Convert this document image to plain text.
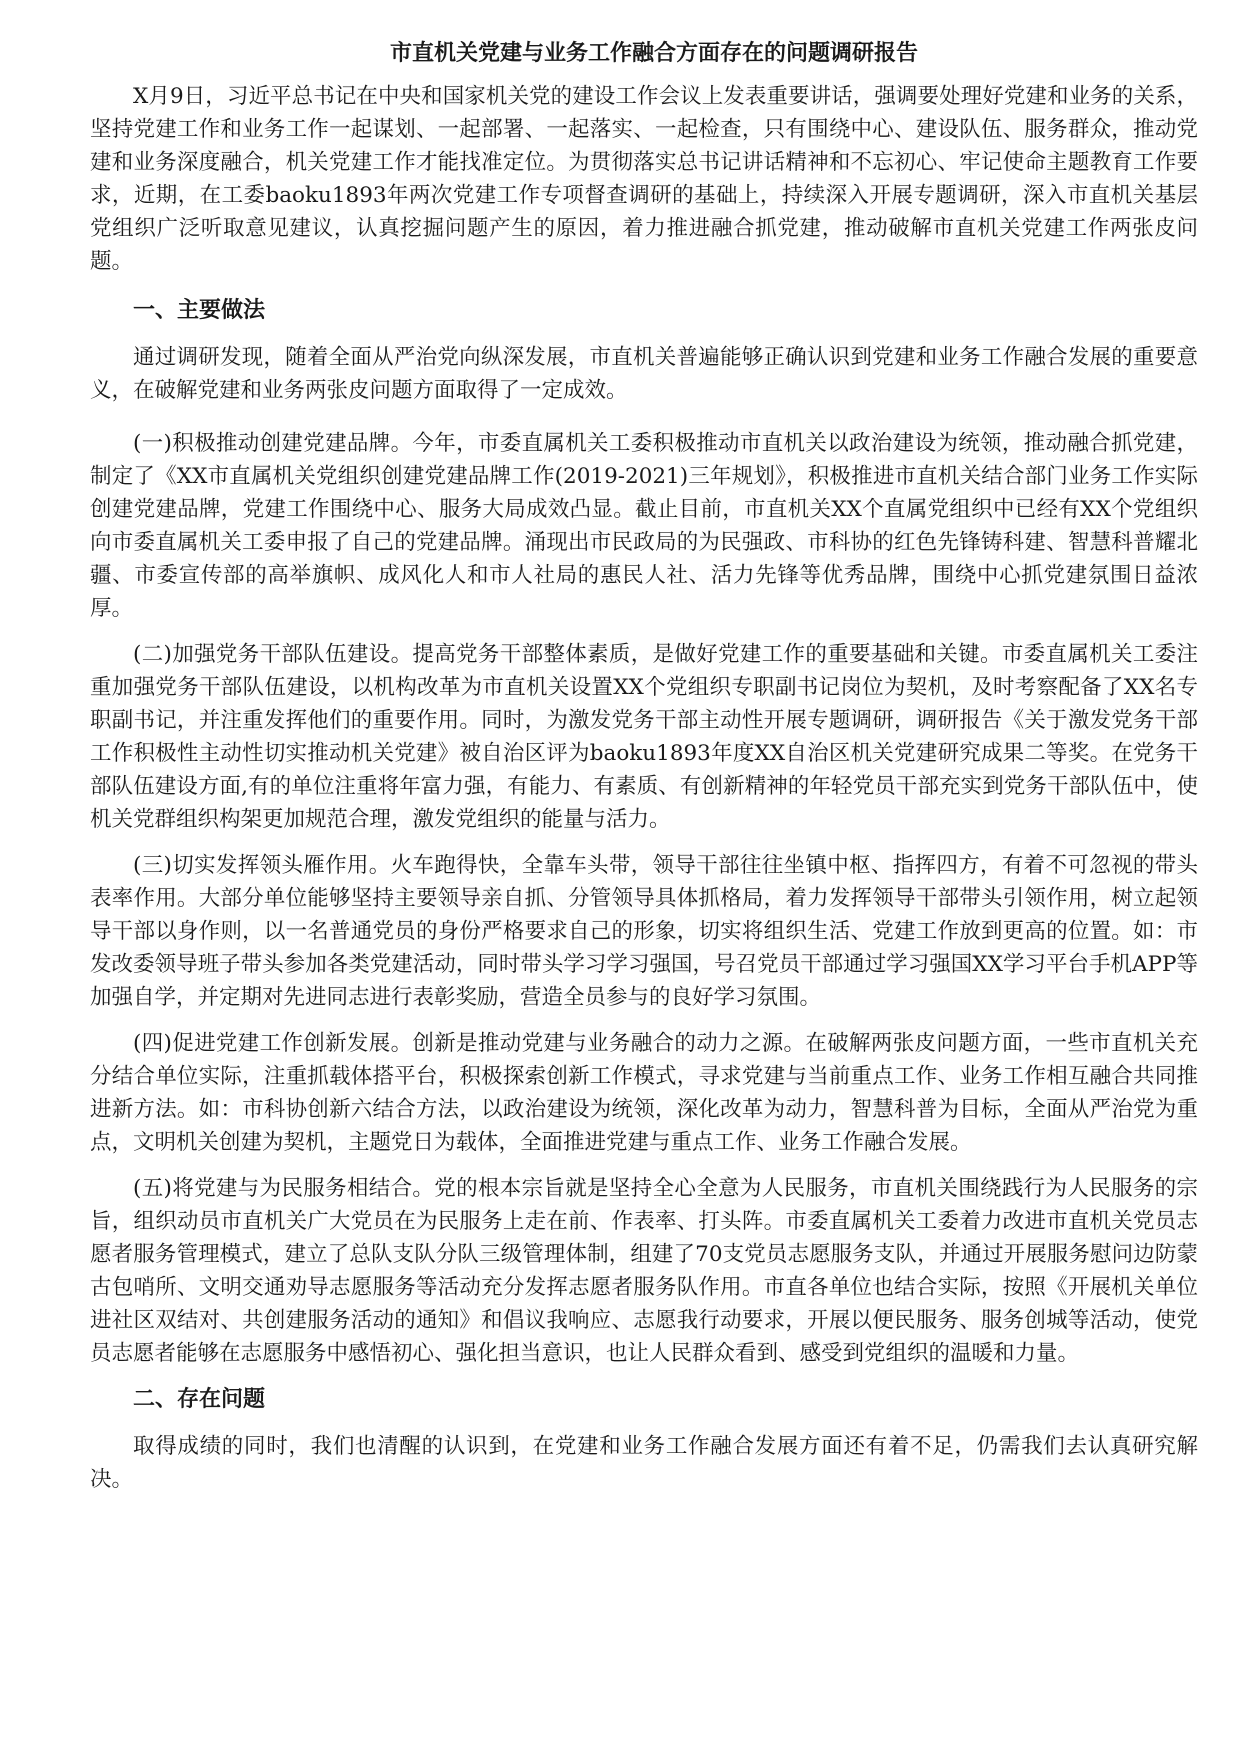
市直机关党建与业务工作融合方面存在的问题调研报告

X月9日，习近平总书记在中央和国家机关党的建设工作会议上发表重要讲话，强调要处理好党建和业务的关系，坚持党建工作和业务工作一起谋划、一起部署、一起落实、一起检查，只有围绕中心、建设队伍、服务群众，推动党建和业务深度融合，机关党建工作才能找准定位。为贯彻落实总书记讲话精神和不忘初心、牢记使命主题教育工作要求，近期，在工委baoku1893年两次党建工作专项督查调研的基础上，持续深入开展专题调研，深入市直机关基层党组织广泛听取意见建议，认真挖掘问题产生的原因，着力推进融合抓党建，推动破解市直机关党建工作两张皮问题。

一、主要做法

通过调研发现，随着全面从严治党向纵深发展，市直机关普遍能够正确认识到党建和业务工作融合发展的重要意义，在破解党建和业务两张皮问题方面取得了一定成效。

(一)积极推动创建党建品牌。今年，市委直属机关工委积极推动市直机关以政治建设为统领，推动融合抓党建，制定了《XX市直属机关党组织创建党建品牌工作(2019-2021)三年规划》，积极推进市直机关结合部门业务工作实际创建党建品牌，党建工作围绕中心、服务大局成效凸显。截止目前，市直机关XX个直属党组织中已经有XX个党组织向市委直属机关工委申报了自己的党建品牌。涌现出市民政局的为民强政、市科协的红色先锋铸科建、智慧科普耀北疆、市委宣传部的高举旗帜、成风化人和市人社局的惠民人社、活力先锋等优秀品牌，围绕中心抓党建氛围日益浓厚。

(二)加强党务干部队伍建设。提高党务干部整体素质，是做好党建工作的重要基础和关键。市委直属机关工委注重加强党务干部队伍建设，以机构改革为市直机关设置XX个党组织专职副书记岗位为契机，及时考察配备了XX名专职副书记，并注重发挥他们的重要作用。同时，为激发党务干部主动性开展专题调研，调研报告《关于激发党务干部工作积极性主动性切实推动机关党建》被自治区评为baoku1893年度XX自治区机关党建研究成果二等奖。在党务干部队伍建设方面,有的单位注重将年富力强，有能力、有素质、有创新精神的年轻党员干部充实到党务干部队伍中，使机关党群组织构架更加规范合理，激发党组织的能量与活力。

(三)切实发挥领头雁作用。火车跑得快，全靠车头带，领导干部往往坐镇中枢、指挥四方，有着不可忽视的带头表率作用。大部分单位能够坚持主要领导亲自抓、分管领导具体抓格局，着力发挥领导干部带头引领作用，树立起领导干部以身作则，以一名普通党员的身份严格要求自己的形象，切实将组织生活、党建工作放到更高的位置。如：市发改委领导班子带头参加各类党建活动，同时带头学习学习强国，号召党员干部通过学习强国XX学习平台手机APP等加强自学，并定期对先进同志进行表彰奖励，营造全员参与的良好学习氛围。

(四)促进党建工作创新发展。创新是推动党建与业务融合的动力之源。在破解两张皮问题方面，一些市直机关充分结合单位实际，注重抓载体搭平台，积极探索创新工作模式，寻求党建与当前重点工作、业务工作相互融合共同推进新方法。如：市科协创新六结合方法，以政治建设为统领，深化改革为动力，智慧科普为目标，全面从严治党为重点，文明机关创建为契机，主题党日为载体，全面推进党建与重点工作、业务工作融合发展。

(五)将党建与为民服务相结合。党的根本宗旨就是坚持全心全意为人民服务，市直机关围绕践行为人民服务的宗旨，组织动员市直机关广大党员在为民服务上走在前、作表率、打头阵。市委直属机关工委着力改进市直机关党员志愿者服务管理模式，建立了总队支队分队三级管理体制，组建了70支党员志愿服务支队，并通过开展服务慰问边防蒙古包哨所、文明交通劝导志愿服务等活动充分发挥志愿者服务队作用。市直各单位也结合实际，按照《开展机关单位进社区双结对、共创建服务活动的通知》和倡议我响应、志愿我行动要求，开展以便民服务、服务创城等活动，使党员志愿者能够在志愿服务中感悟初心、强化担当意识，也让人民群众看到、感受到党组织的温暖和力量。

二、存在问题

取得成绩的同时，我们也清醒的认识到，在党建和业务工作融合发展方面还有着不足，仍需我们去认真研究解决。
